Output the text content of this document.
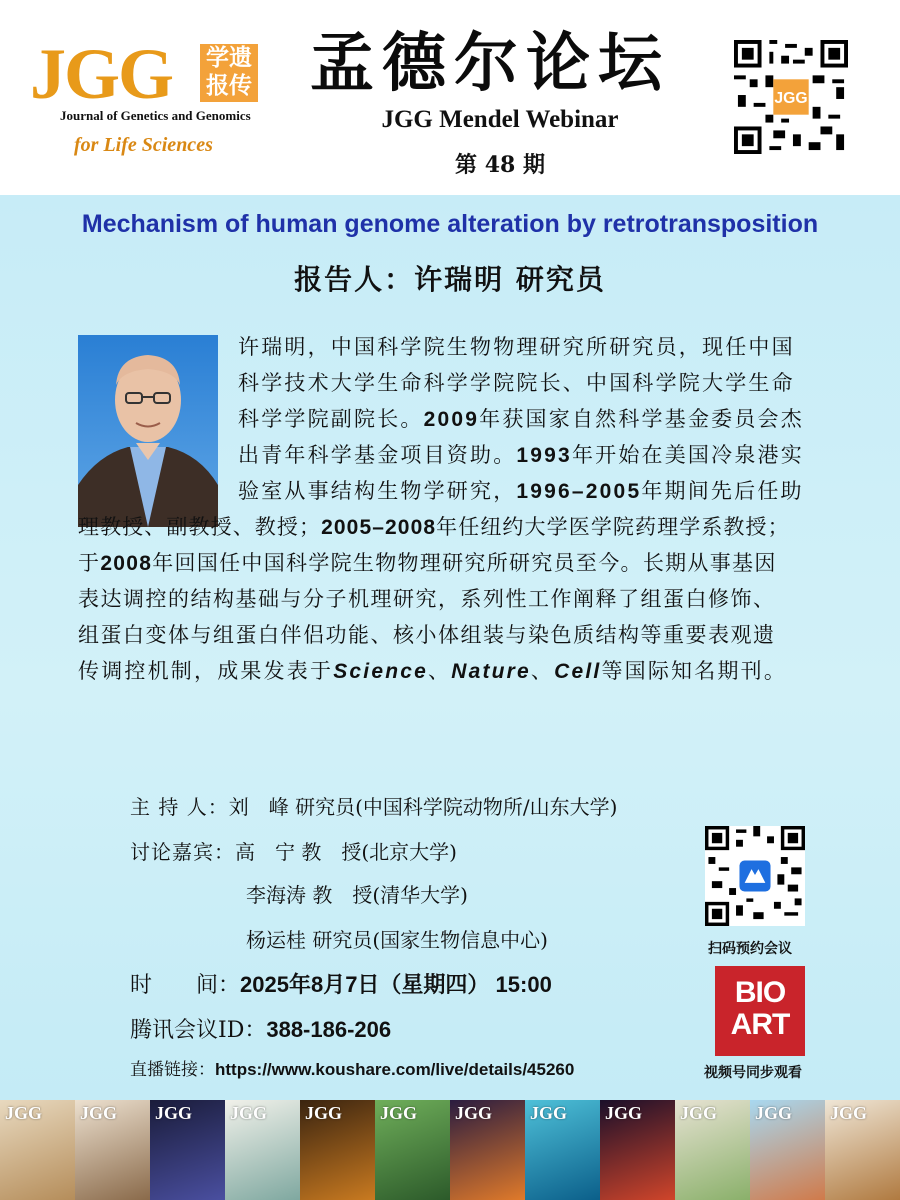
JGG 学遗
报传
Journal of Genetics and Genomics
for Life Sciences
孟德尔论坛
JGG Mendel Webinar
第 48 期
JGG
Mechanism of human genome alteration by retrotransposition
报告人：许瑞明 研究员
许瑞明，中国科学院生物物理研究所研究员，现任中国
科学技术大学生命科学学院院长、中国科学院大学生命
科学学院副院长。2009年获国家自然科学基金委员会杰
出青年科学基金项目资助。1993年开始在美国冷泉港实
验室从事结构生物学研究，1996–2005年期间先后任助
理教授、副教授、教授；2005–2008年任纽约大学医学院药理学系教授；
于2008年回国任中国科学院生物物理研究所研究员至今。长期从事基因
表达调控的结构基础与分子机理研究，系列性工作阐释了组蛋白修饰、
组蛋白变体与组蛋白伴侣功能、核小体组装与染色质结构等重要表观遗
传调控机制，成果发表于Science、Nature、Cell等国际知名期刊。
主 持 人：刘　峰 研究员(中国科学院动物所/山东大学)
讨论嘉宾：高　宁 教　授(北京大学)
李海涛 教　授(清华大学)
杨运桂 研究员(国家生物信息中心)
时　　间：2025年8月7日（星期四） 15:00
腾讯会议ID：388-186-206
直播链接：https://www.koushare.com/live/details/45260
扫码预约会议
BIO
ART
视频号同步观看
JGG JGG JGG JGG JGG JGG JGG JGG JGG JGG JGG JGG
